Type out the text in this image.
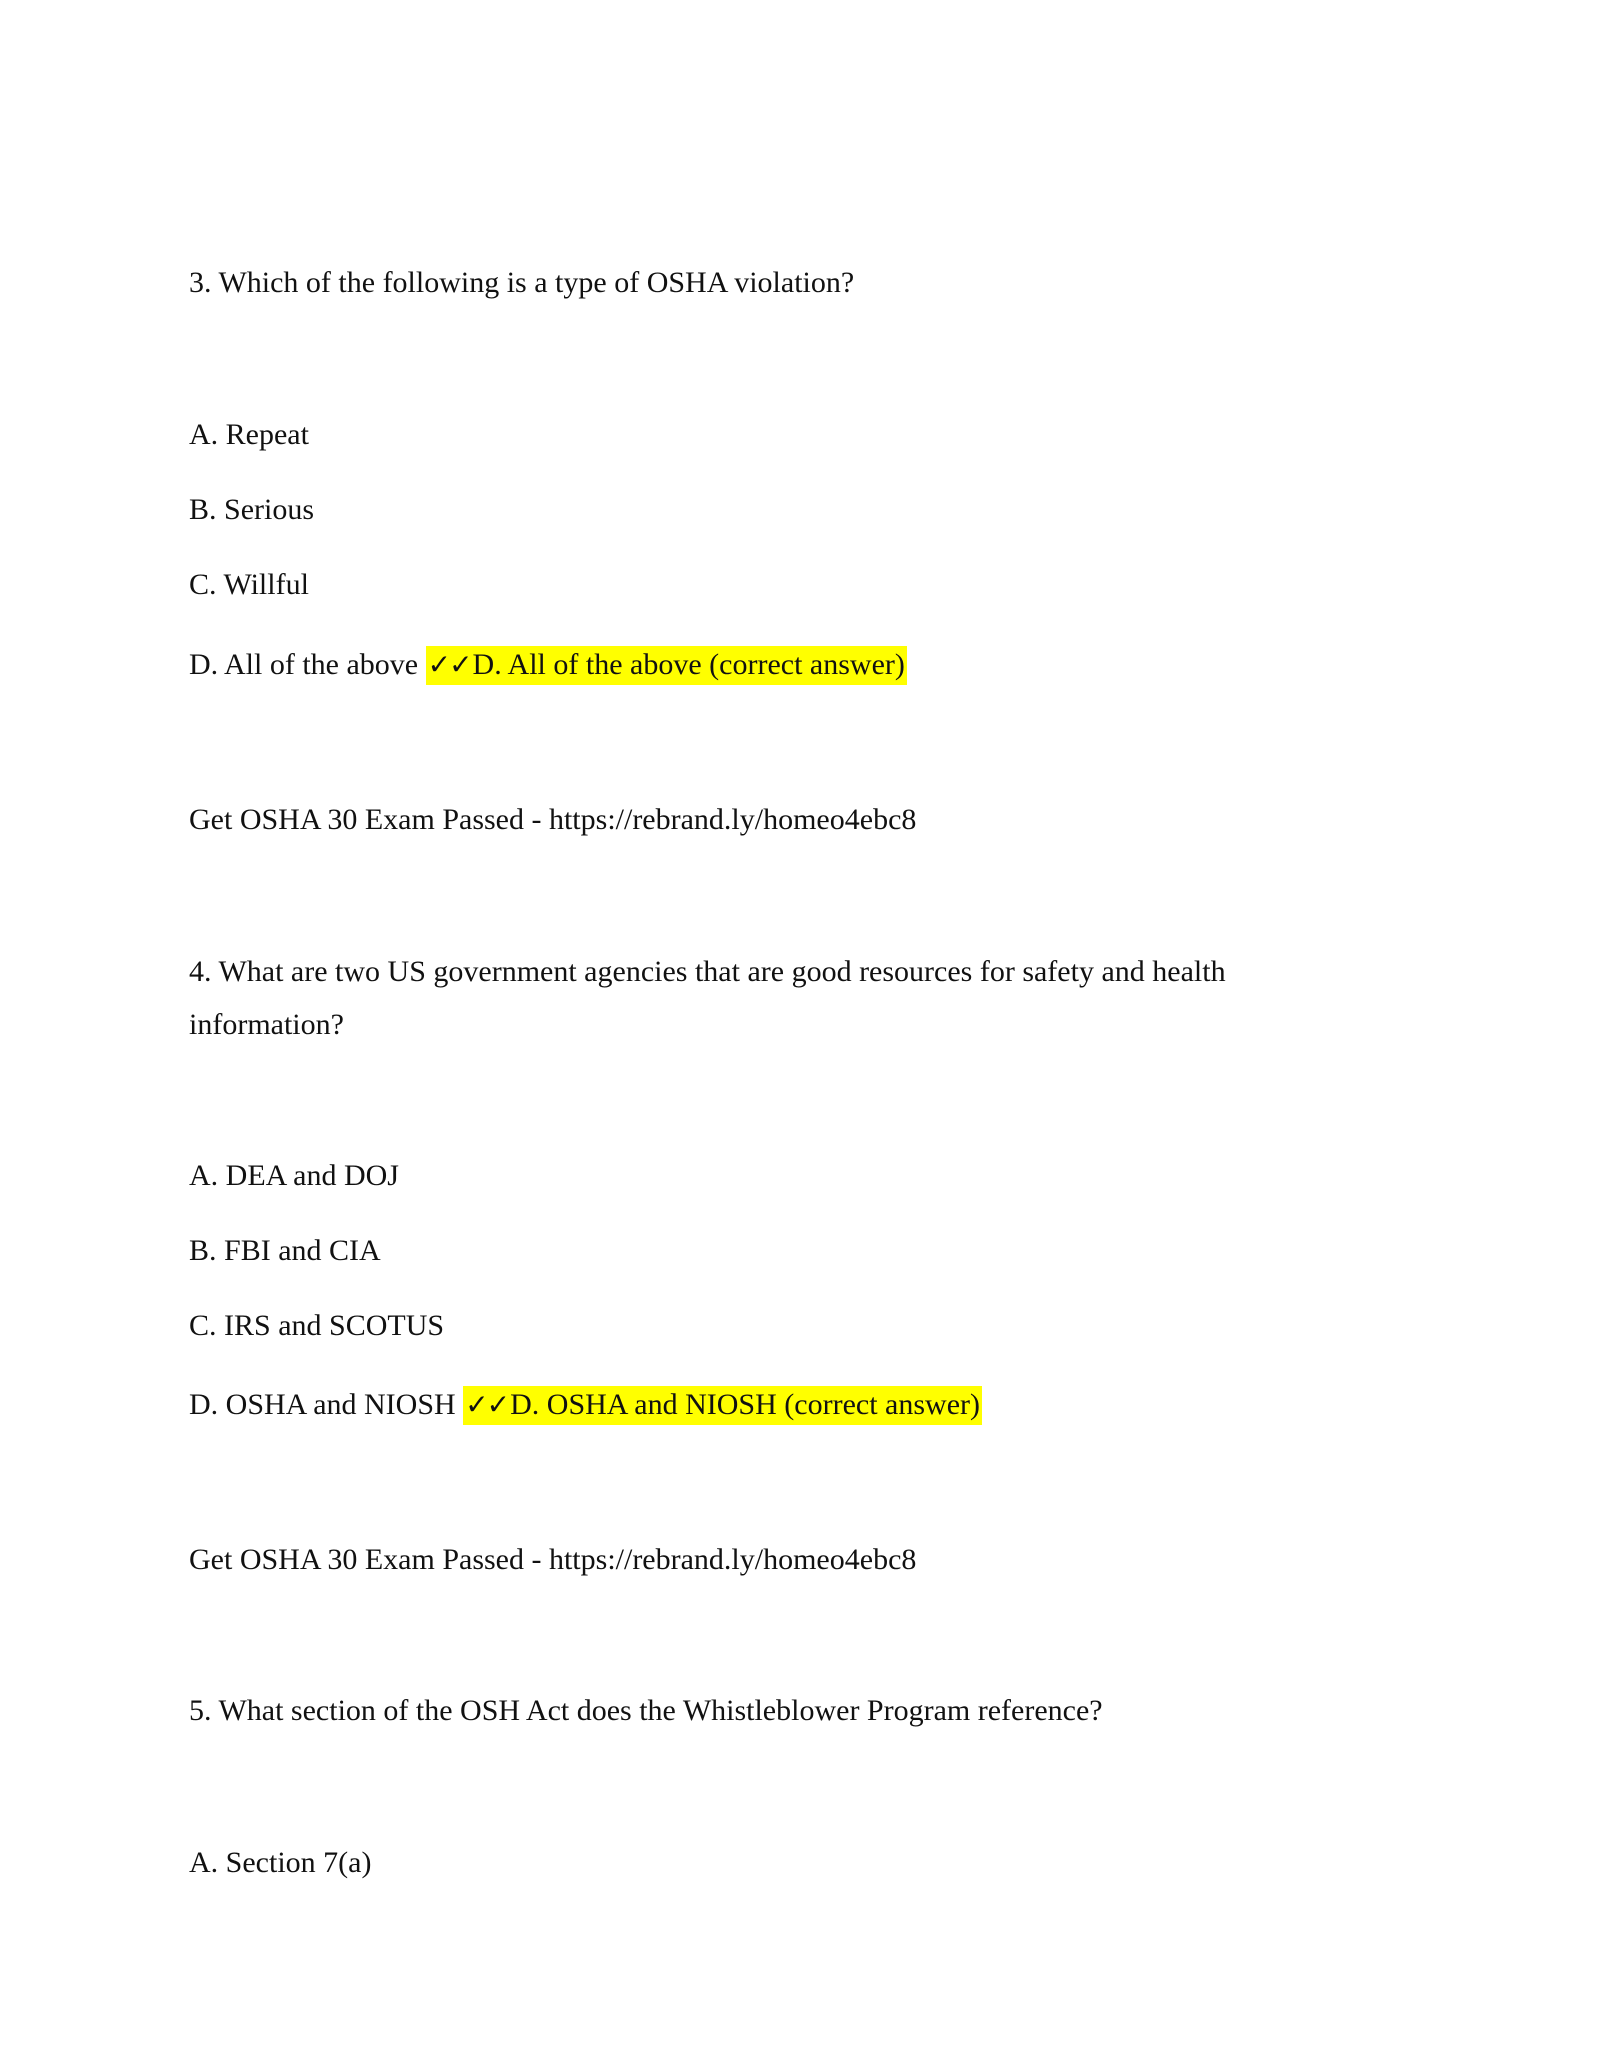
3. Which of the following is a type of OSHA violation?
A. Repeat
B. Serious
C. Willful
D. All of the above ✓✓D. All of the above (correct answer)
Get OSHA 30 Exam Passed - https://rebrand.ly/homeo4ebc8
4. What are two US government agencies that are good resources for safety and health information?
A. DEA and DOJ
B. FBI and CIA
C. IRS and SCOTUS
D. OSHA and NIOSH ✓✓D. OSHA and NIOSH (correct answer)
Get OSHA 30 Exam Passed - https://rebrand.ly/homeo4ebc8
5. What section of the OSH Act does the Whistleblower Program reference?
A. Section 7(a)
